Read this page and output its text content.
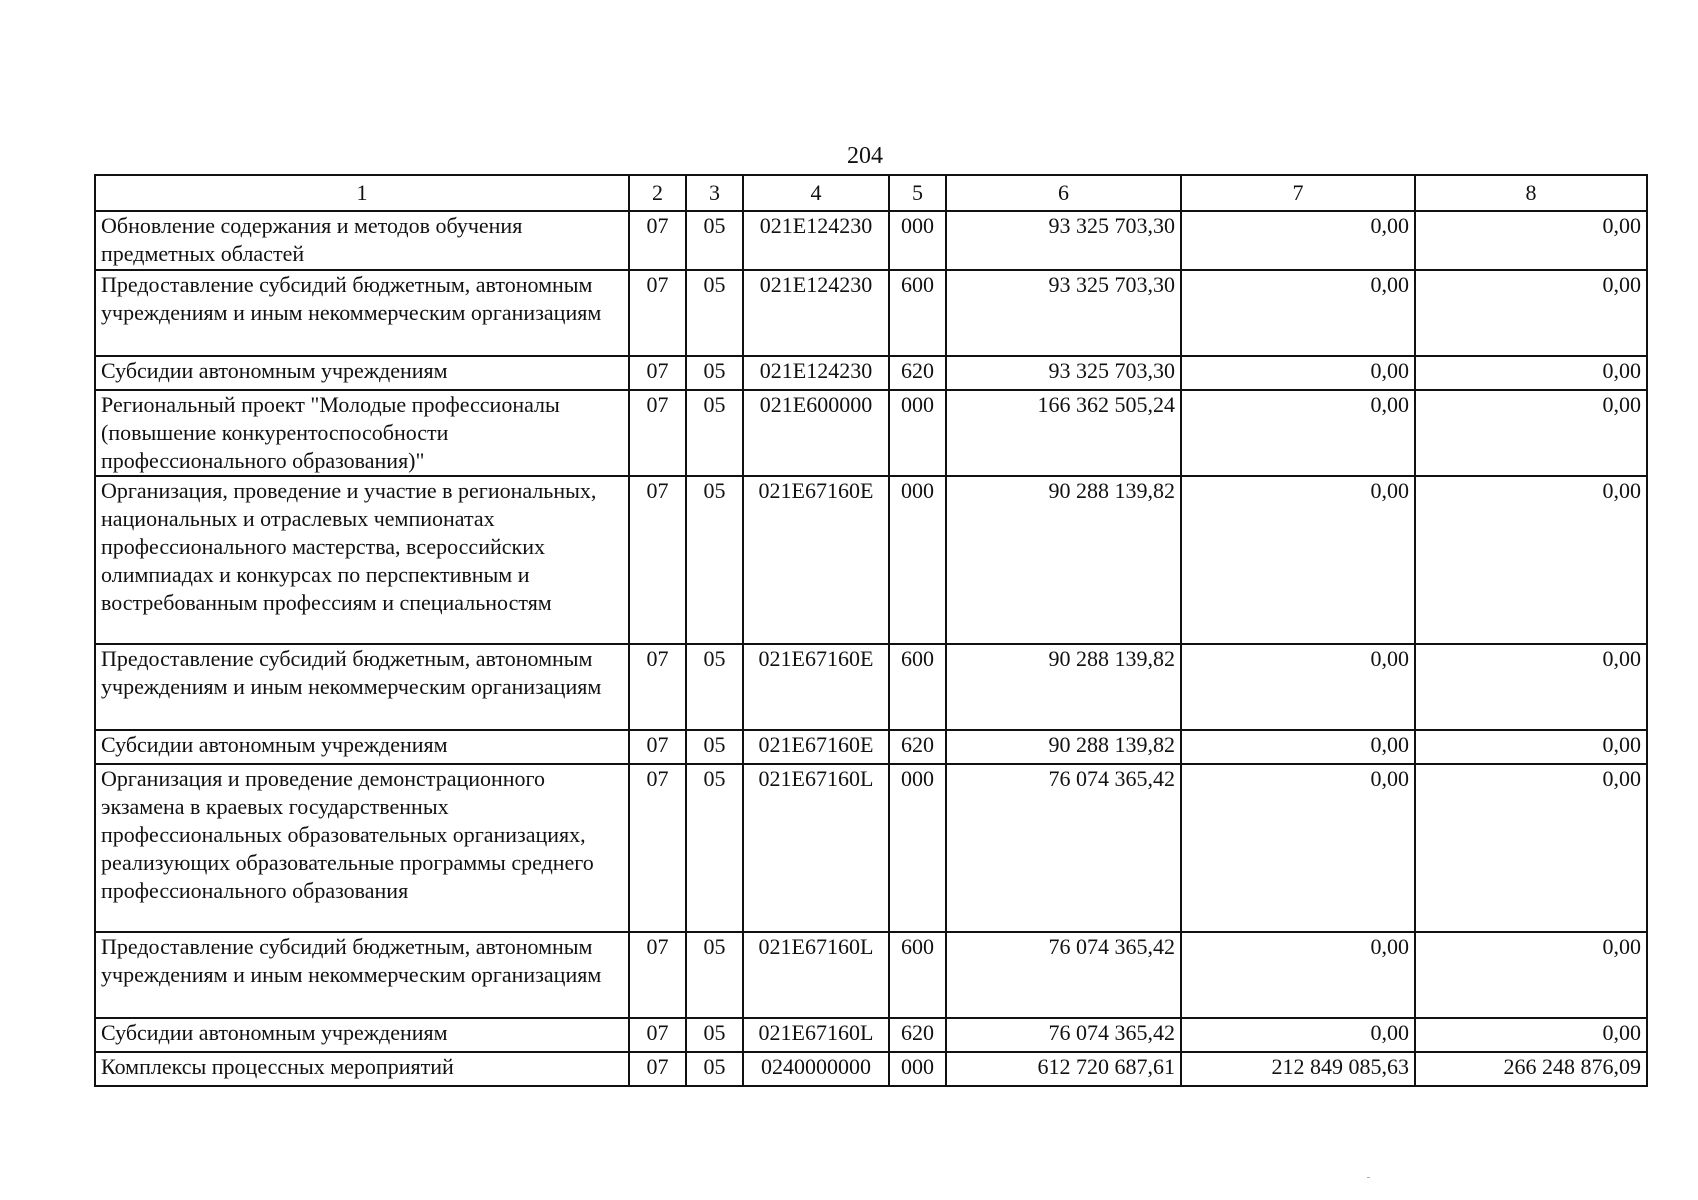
204
1	2	3	4	5	6	7	8
Обновление содержания и методов обучения предметных областей	07	05	021E124230	000	93 325 703,30	0,00	0,00
Предоставление субсидий бюджетным, автономным учреждениям и иным некоммерческим организациям	07	05	021E124230	600	93 325 703,30	0,00	0,00
Субсидии автономным учреждениям	07	05	021E124230	620	93 325 703,30	0,00	0,00
Региональный проект "Молодые профессионалы (повышение конкурентоспособности профессионального образования)"	07	05	021E600000	000	166 362 505,24	0,00	0,00
Организация, проведение и участие в региональных, национальных и отраслевых чемпионатах профессионального мастерства, всероссийских олимпиадах и конкурсах по перспективным и востребованным профессиям и специальностям	07	05	021E67160E	000	90 288 139,82	0,00	0,00
Предоставление субсидий бюджетным, автономным учреждениям и иным некоммерческим организациям	07	05	021E67160E	600	90 288 139,82	0,00	0,00
Субсидии автономным учреждениям	07	05	021E67160E	620	90 288 139,82	0,00	0,00
Организация и проведение демонстрационного экзамена в краевых государственных профессиональных образовательных организациях, реализующих образовательные программы среднего профессионального образования	07	05	021E67160L	000	76 074 365,42	0,00	0,00
Предоставление субсидий бюджетным, автономным учреждениям и иным некоммерческим организациям	07	05	021E67160L	600	76 074 365,42	0,00	0,00
Субсидии автономным учреждениям	07	05	021E67160L	620	76 074 365,42	0,00	0,00
Комплексы процессных мероприятий	07	05	0240000000	000	612 720 687,61	212 849 085,63	266 248 876,09
